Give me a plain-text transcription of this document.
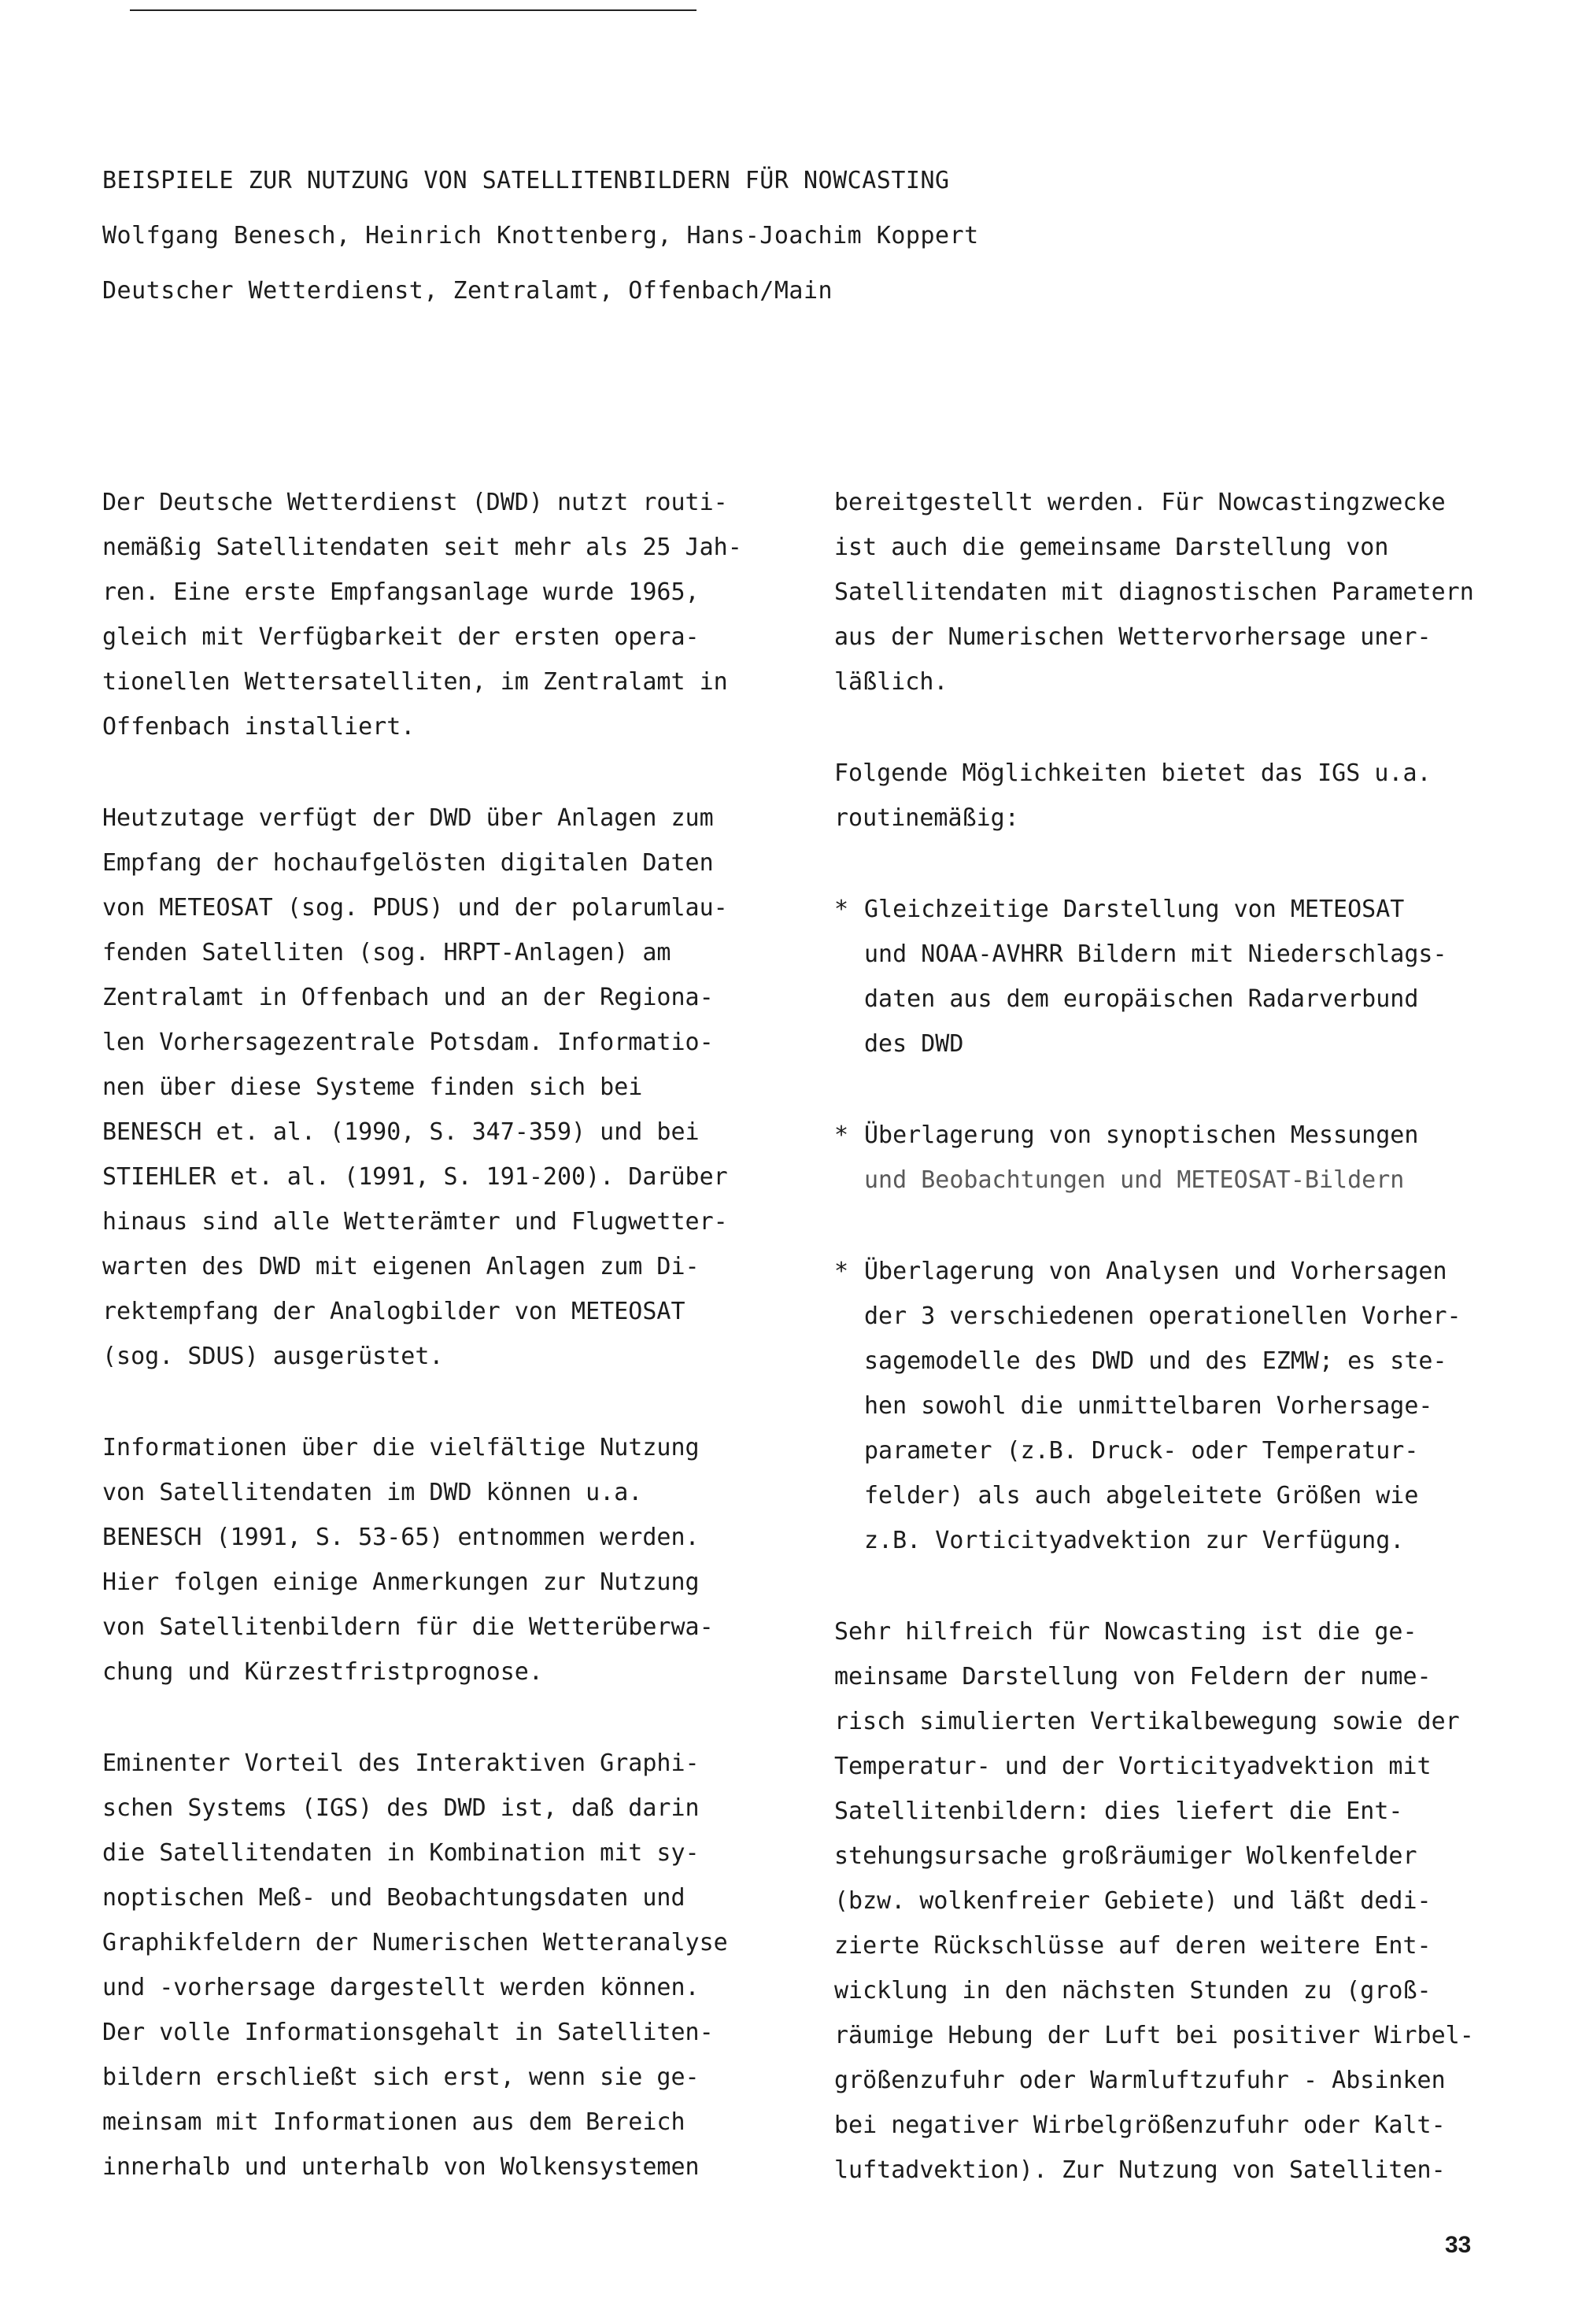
BEISPIELE ZUR NUTZUNG VON SATELLITENBILDERN FÜR NOWCASTING
Wolfgang Benesch, Heinrich Knottenberg, Hans-Joachim Koppert
Deutscher Wetterdienst, Zentralamt, Offenbach/Main
Der Deutsche Wetterdienst (DWD) nutzt routi-
nemäßig Satellitendaten seit mehr als 25 Jah-
ren. Eine erste Empfangsanlage wurde 1965,
gleich mit Verfügbarkeit der ersten opera-
tionellen Wettersatelliten, im Zentralamt in
Offenbach installiert.
Heutzutage verfügt der DWD über Anlagen zum
Empfang der hochaufgelösten digitalen Daten
von METEOSAT (sog. PDUS) und der polarumlau-
fenden Satelliten (sog. HRPT-Anlagen) am
Zentralamt in Offenbach und an der Regiona-
len Vorhersagezentrale Potsdam. Informatio-
nen über diese Systeme finden sich bei
BENESCH et. al. (1990, S. 347-359) und bei
STIEHLER et. al. (1991, S. 191-200). Darüber
hinaus sind alle Wetterämter und Flugwetter-
warten des DWD mit eigenen Anlagen zum Di-
rektempfang der Analogbilder von METEOSAT
(sog. SDUS) ausgerüstet.
Informationen über die vielfältige Nutzung
von Satellitendaten im DWD können u.a.
BENESCH (1991, S. 53-65) entnommen werden.
Hier folgen einige Anmerkungen zur Nutzung
von Satellitenbildern für die Wetterüberwa-
chung und Kürzestfristprognose.
Eminenter Vorteil des Interaktiven Graphi-
schen Systems (IGS) des DWD ist, daß darin
die Satellitendaten in Kombination mit sy-
noptischen Meß- und Beobachtungsdaten und
Graphikfeldern der Numerischen Wetteranalyse
und -vorhersage dargestellt werden können.
Der volle Informationsgehalt in Satelliten-
bildern erschließt sich erst, wenn sie ge-
meinsam mit Informationen aus dem Bereich
innerhalb und unterhalb von Wolkensystemen
bereitgestellt werden. Für Nowcastingzwecke
ist auch die gemeinsame Darstellung von
Satellitendaten mit diagnostischen Parametern
aus der Numerischen Wettervorhersage uner-
läßlich.
Folgende Möglichkeiten bietet das IGS u.a.
routinemäßig:
* Gleichzeitige Darstellung von METEOSAT
und NOAA-AVHRR Bildern mit Niederschlags-
daten aus dem europäischen Radarverbund
des DWD
* Überlagerung von synoptischen Messungen
und Beobachtungen und METEOSAT-Bildern
* Überlagerung von Analysen und Vorhersagen
der 3 verschiedenen operationellen Vorher-
sagemodelle des DWD und des EZMW; es ste-
hen sowohl die unmittelbaren Vorhersage-
parameter (z.B. Druck- oder Temperatur-
felder) als auch abgeleitete Größen wie
z.B. Vorticityadvektion zur Verfügung.
Sehr hilfreich für Nowcasting ist die ge-
meinsame Darstellung von Feldern der nume-
risch simulierten Vertikalbewegung sowie der
Temperatur- und der Vorticityadvektion mit
Satellitenbildern: dies liefert die Ent-
stehungsursache großräumiger Wolkenfelder
(bzw. wolkenfreier Gebiete) und läßt dedi-
zierte Rückschlüsse auf deren weitere Ent-
wicklung in den nächsten Stunden zu (groß-
räumige Hebung der Luft bei positiver Wirbel-
größenzufuhr oder Warmluftzufuhr - Absinken
bei negativer Wirbelgrößenzufuhr oder Kalt-
luftadvektion). Zur Nutzung von Satelliten-
33
